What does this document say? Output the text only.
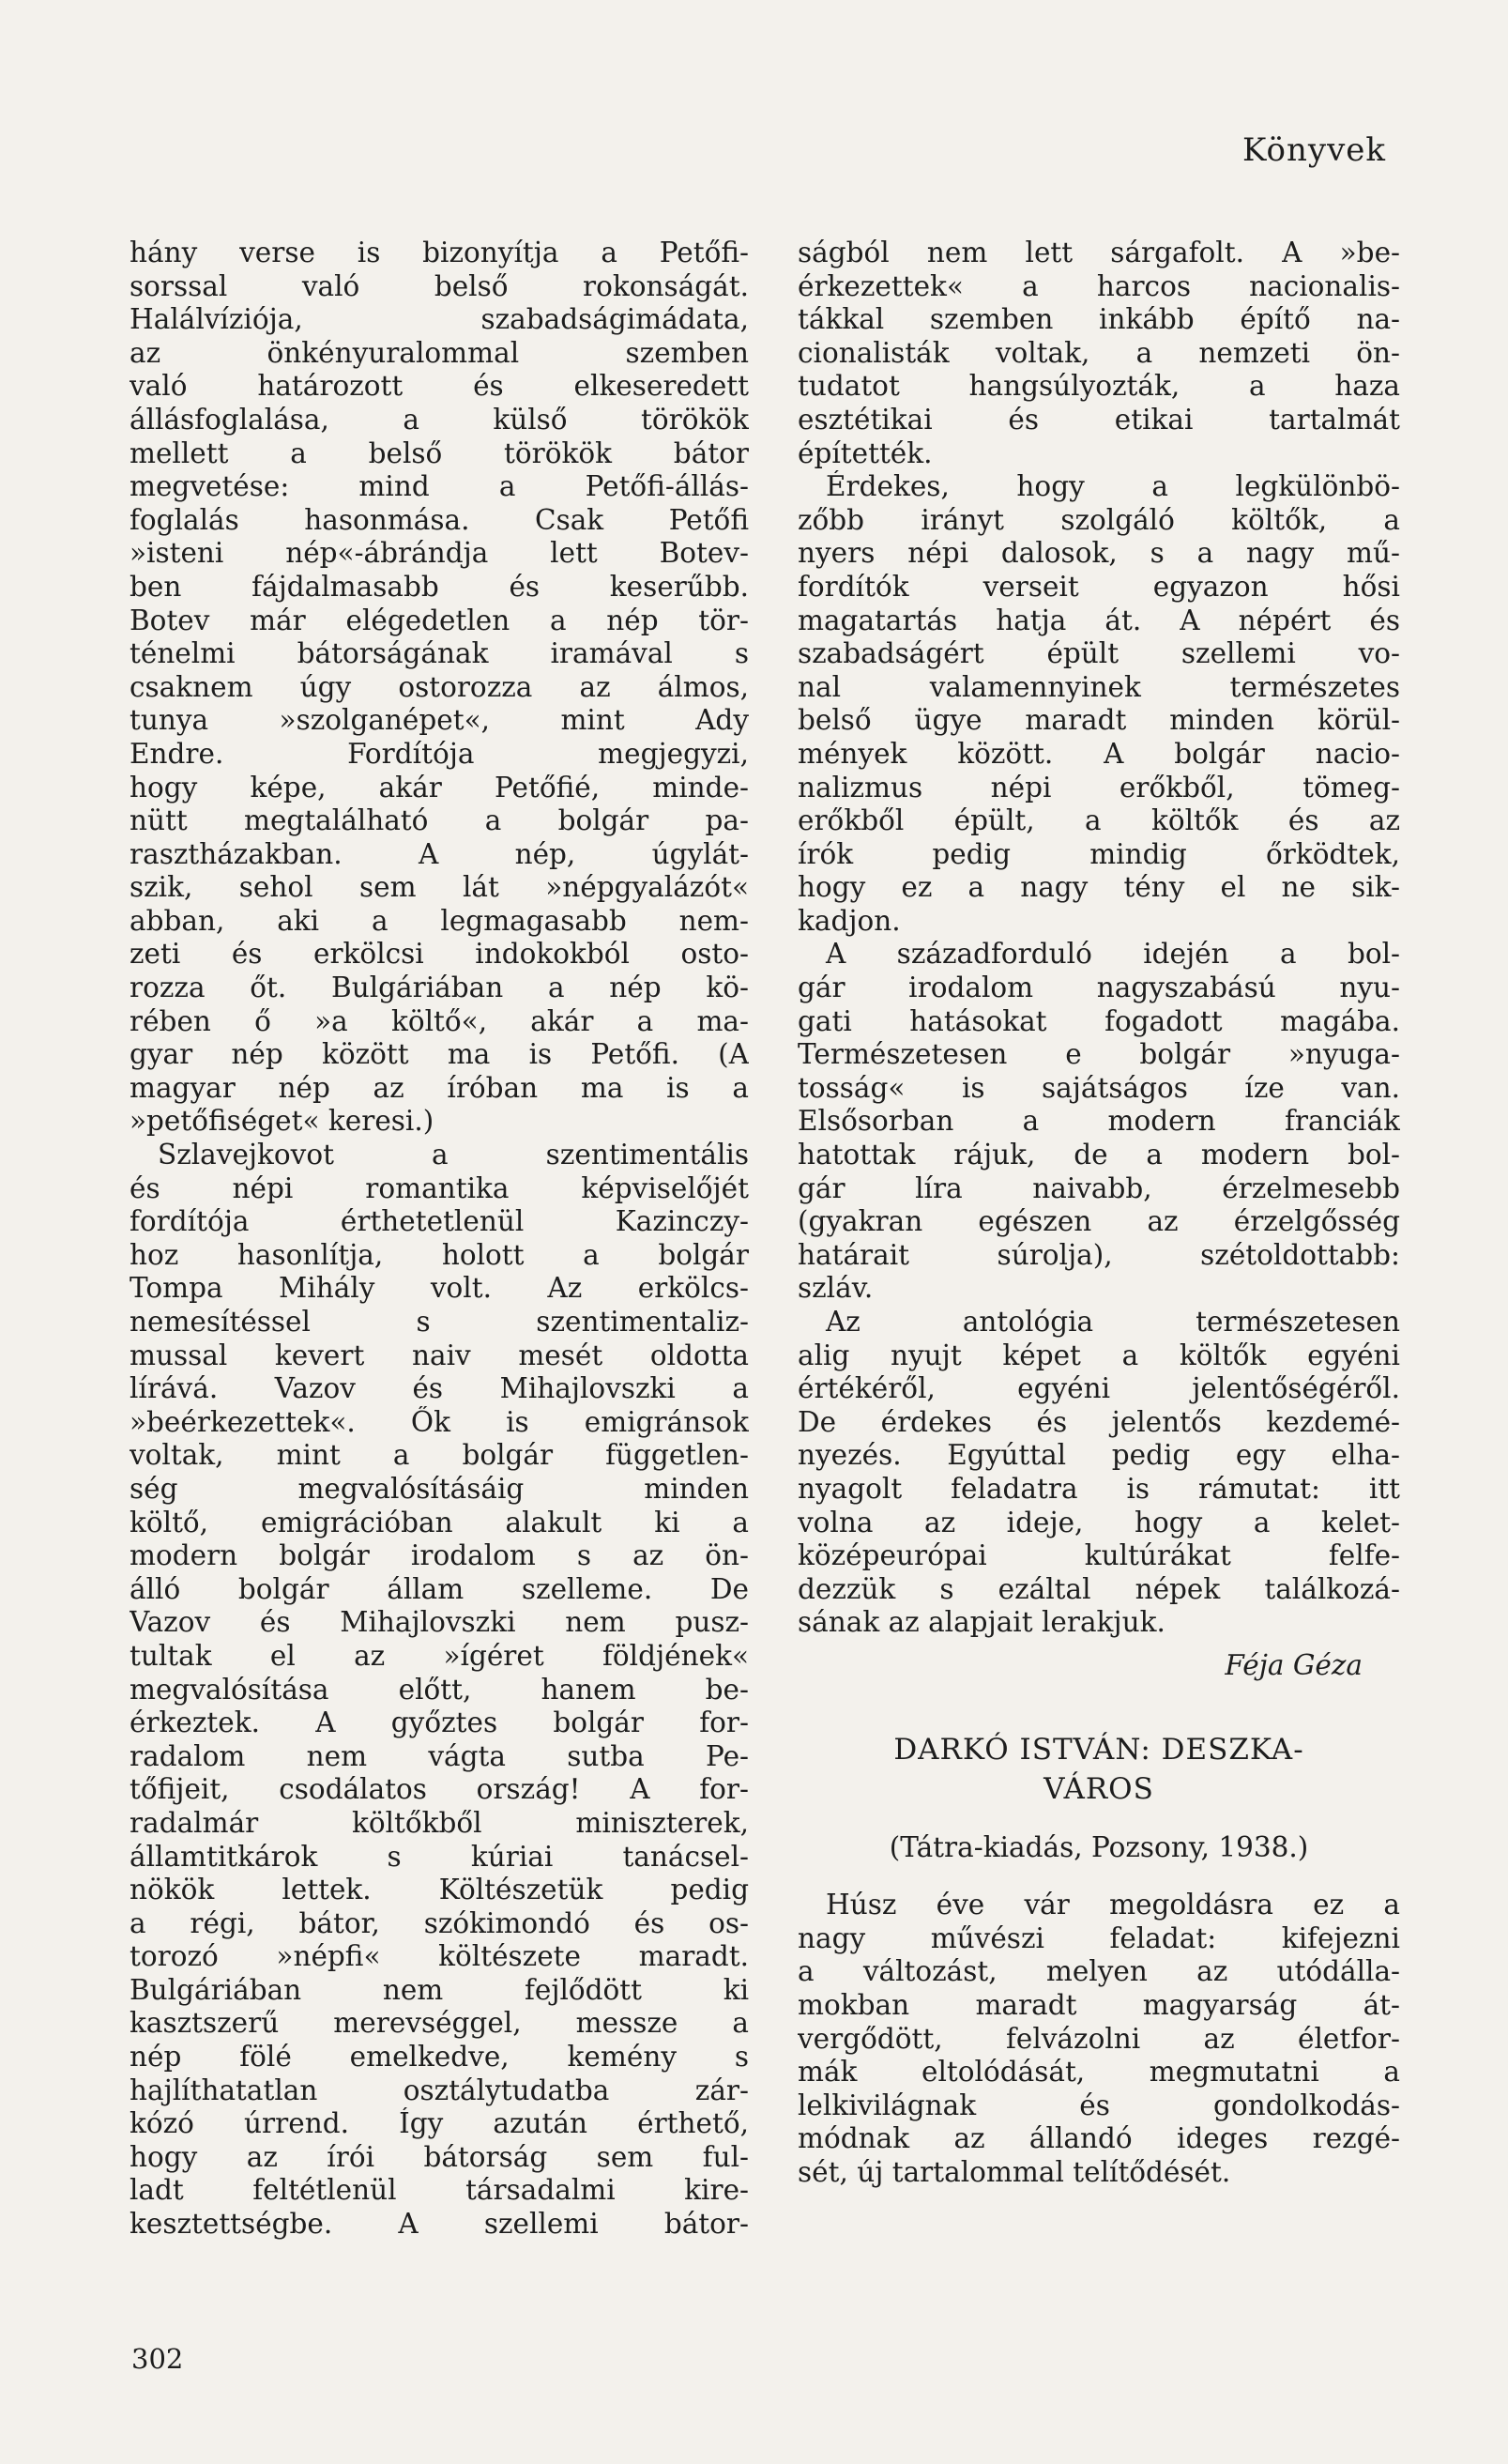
Könyvek
hány verse is bizonyítja a Petőfi-
sorssal való belső rokonságát.
Halálvíziója, szabadságimádata,
az önkényuralommal szemben
való határozott és elkeseredett
állásfoglalása, a külső törökök
mellett a belső törökök bátor
megvetése: mind a Petőfi-állás-
foglalás hasonmása. Csak Petőfi
»isteni nép«-ábrándja lett Botev-
ben fájdalmasabb és keserűbb.
Botev már elégedetlen a nép tör-
ténelmi bátorságának iramával s
csaknem úgy ostorozza az álmos,
tunya »szolganépet«, mint Ady
Endre. Fordítója megjegyzi,
hogy képe, akár Petőfié, minde-
nütt megtalálható a bolgár pa-
rasztházakban. A nép, úgylát-
szik, sehol sem lát »népgyalázót«
abban, aki a legmagasabb nem-
zeti és erkölcsi indokokból osto-
rozza őt. Bulgáriában a nép kö-
rében ő »a költő«, akár a ma-
gyar nép között ma is Petőfi. (A
magyar nép az íróban ma is a
»petőfiséget« keresi.)
Szlavejkovot a szentimentális
és népi romantika képviselőjét
fordítója érthetetlenül Kazinczy-
hoz hasonlítja, holott a bolgár
Tompa Mihály volt. Az erkölcs-
nemesítéssel s szentimentaliz-
mussal kevert naiv mesét oldotta
lírává. Vazov és Mihajlovszki a
»beérkezettek«. Ők is emigránsok
voltak, mint a bolgár független-
ség megvalósításáig minden
költő, emigrációban alakult ki a
modern bolgár irodalom s az ön-
álló bolgár állam szelleme. De
Vazov és Mihajlovszki nem pusz-
tultak el az »ígéret földjének«
megvalósítása előtt, hanem be-
érkeztek. A győztes bolgár for-
radalom nem vágta sutba Pe-
tőfijeit, csodálatos ország! A for-
radalmár költőkből miniszterek,
államtitkárok s kúriai tanácsel-
nökök lettek. Költészetük pedig
a régi, bátor, szókimondó és os-
torozó »népfi« költészete maradt.
Bulgáriában nem fejlődött ki
kasztszerű merevséggel, messze a
nép fölé emelkedve, kemény s
hajlíthatatlan osztálytudatba zár-
kózó úrrend. Így azután érthető,
hogy az írói bátorság sem ful-
ladt feltétlenül társadalmi kire-
kesztettségbe. A szellemi bátor-
ságból nem lett sárgafolt. A »be-
érkezettek« a harcos nacionalis-
tákkal szemben inkább építő na-
cionalisták voltak, a nemzeti ön-
tudatot hangsúlyozták, a haza
esztétikai és etikai tartalmát
építették.
Érdekes, hogy a legkülönbö-
zőbb irányt szolgáló költők, a
nyers népi dalosok, s a nagy mű-
fordítók verseit egyazon hősi
magatartás hatja át. A népért és
szabadságért épült szellemi vo-
nal valamennyinek természetes
belső ügye maradt minden körül-
mények között. A bolgár nacio-
nalizmus népi erőkből, tömeg-
erőkből épült, a költők és az
írók pedig mindig őrködtek,
hogy ez a nagy tény el ne sik-
kadjon.
A századforduló idején a bol-
gár irodalom nagyszabású nyu-
gati hatásokat fogadott magába.
Természetesen e bolgár »nyuga-
tosság« is sajátságos íze van.
Elsősorban a modern franciák
hatottak rájuk, de a modern bol-
gár líra naivabb, érzelmesebb
(gyakran egészen az érzelgősség
határait súrolja), szétoldottabb:
szláv.
Az antológia természetesen
alig nyujt képet a költők egyéni
értékéről, egyéni jelentőségéről.
De érdekes és jelentős kezdemé-
nyezés. Egyúttal pedig egy elha-
nyagolt feladatra is rámutat: itt
volna az ideje, hogy a kelet-
középeurópai kultúrákat felfe-
dezzük s ezáltal népek találkozá-
sának az alapjait lerakjuk.
Féja Géza
DARKÓ ISTVÁN: DESZKA-
VÁROS
(Tátra-kiadás, Pozsony, 1938.)
Húsz éve vár megoldásra ez a
nagy művészi feladat: kifejezni
a változást, melyen az utódálla-
mokban maradt magyarság át-
vergődött, felvázolni az életfor-
mák eltolódását, megmutatni a
lelkivilágnak és gondolkodás-
módnak az állandó ideges rezgé-
sét, új tartalommal telítődését.
302
